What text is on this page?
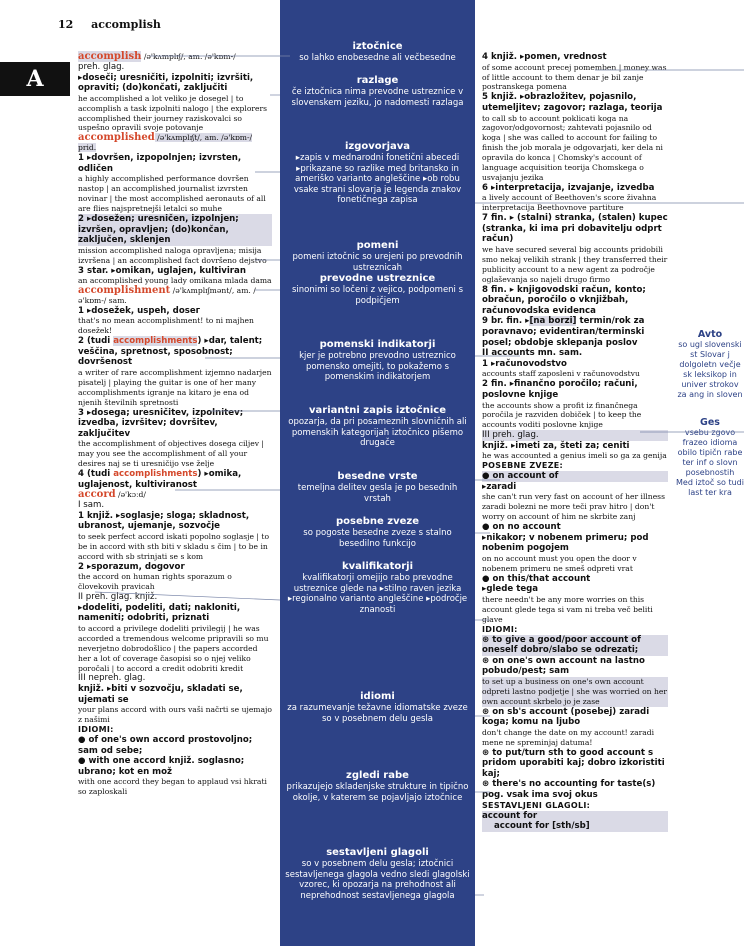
12 accomplish
A
accomplish /ə'kʌmplɪʃ/, am. /ə'kɒm-/
preh. glag.
▸doseči; uresničiti, izpolniti; izvršiti, opraviti; (do)končati, zaključiti
he accomplished a lot veliko je dosegel | to accomplish a task izpolniti nalogo | the explorers accomplished their journey raziskovalci so uspešno opravili svoje potovanje
accomplished /ə'kʌmplɪʃt/, am. /ə'kɒm-/ prid.
1 ▸dovršen, izpopolnjen; izvrsten, odličen
a highly accomplished performance dovršen nastop | an accomplished journalist izvrsten novinar | the most accomplished aeronauts of all are flies najspretnejši letalci so muhe
2 ▸dosežen; uresničen, izpolnjen; izvršen, opravljen; (do)končan, zaključen, sklenjen
mission accomplished naloga opravljena; misija izvršena | an accomplished fact dovršeno dejstvo
3 star. ▸omikan, uglajen, kultiviran
an accomplished young lady omikana mlada dama
accomplishment /ə'kʌmplɪʃmənt/, am. /ə'kɒm-/ sam.
1 ▸dosežek, uspeh, dosег
that's no mean accomplishment! to ni majhen dosežek!
2 (tudi accomplishments) ▸dar, talent; veščina, spretnost, sposobnost; dovršenost
a writer of rare accomplishment izjemno nadarjen pisatelj | playing the guitar is one of her many accomplishments igranje na kitaro je ena od njenih številnih spretnosti
3 ▸dosega; uresničitev, izpolnitev; izvedba, izvršitev; dovršitev, zaključitev
the accomplishment of objectives dosega ciljev | may you see the accomplishment of all your desires naj se ti uresničijo vse želje
4 (tudi accomplishments) ▸omika, uglajenost, kultiviranost
accord /ə'kɔːd/
I sam.
1 knjiž. ▸soglasje; sloga; skladnost, ubranost, ujemanje, sozvočje
to seek perfect accord iskati popolno soglasje | to be in accord with sth biti v skladu s čim | to be in accord with sb strinjati se s kom
2 ▸sporazum, dogovor
the accord on human rights sporazum o človekovih pravicah
II preh. glag. knjiž.
▸dodeliti, podeliti, dati; nakloniti, nameniti; odobriti, priznati
to accord a privilege dodeliti privilegij | he was accorded a tremendous welcome pripravili so mu neverjetno dobrodošlico | the papers accorded her a lot of coverage časopisi so o njej veliko poročali | to accord a credit odobriti kredit
III nepreh. glag.
knjiž. ▸biti v sozvočju, skladati se, ujemati se
your plans accord with ours vaši načrti se ujemajo z našimi
IDIOMI:
● of one's own accord prostovoljno; sam od sebe;
● with one accord knjiž. soglasno; ubrano; kot en mož
with one accord they began to applaud vsi hkrati so zaploskali
4 knjiž. ▸pomen, vrednost
of some account precej pomemben | money was of little account to them denar je bil zanje postranskega pomena
5 knjiž. ▸obrazložitev, pojasnilo, utemeljitev; zagovor; razlaga, teorija
to call sb to account poklicati koga na zagovor/odgovornost; zahtevati pojasnilo od koga | she was called to account for failing to finish the job morala je odgovarjati, ker dela ni opravila do konca | Chomsky's account of language acquisition teorija Chomskega o usvajanju jezika
6 ▸interpretacija, izvajanje, izvedba
a lively account of Beethoven's score živahna interpretacija Beethovnove partiture
7 fin. ▸ (stalni) stranka, (stalen) kupec (stranka, ki ima pri dobavitelju odprt račun)
we have secured several big accounts pridobili smo nekaj velikih strank | they transferred their publicity account to a new agent za področje oglaševanja so najeli drugo firmo
8 fin. ▸ knjigovodski račun, konto; obračun, poročilo o vknjižbah, računovodska evidenca
9 br. fin. ▸[na borzi] termin/rok za poravnavo; evidentiran/terminski posel; obdobje sklepanja poslov
II accounts mn. sam.
1 ▸računovodstvo
accounts staff zaposleni v računovodstvu
2 fin. ▸finančno poročilo; računi, poslovne knjige
the accounts show a profit iz finančnega poročila je razviden dobiček | to keep the accounts voditi poslovne knjige
III preh. glag.
knjiž. ▸imeti za, šteti za; ceniti
he was accounted a genius imeli so ga za genija
POSEBNE ZVEZE:
● on account of
▸zaradi
she can't run very fast on account of her illness zaradi bolezni ne more teči prav hitro | don't worry on account of him ne skrbite zanj
● on no account
▸nikakor; v nobenem primeru; pod nobenim pogojem
on no account must you open the door v nobenem primeru ne smeš odpreti vrat
● on this/that account
▸glede tega
there needn't be any more worries on this account glede tega si vam ni treba več beliti glave
IDIOMI:
⊛ to give a good/poor account of oneself dobro/slabo se odrezati;
⊛ on one's own account na lastno pobudo/pest; sam
to set up a business on one's own account odpreti lastno podjetje | she was worried on her own account skrbelo jo je zase
⊛ on sb's account (posebej) zaradi koga; komu na ljubo
don't change the date on my account! zaradi mene ne spreminjaj datuma!
⊛ to put/turn sth to good account s pridom uporabiti kaj; dobro izkoristiti kaj;
⊛ there's no accounting for taste(s) pog. vsak ima svoj okus
SESTAVLJENI GLAGOLI:
account for
account for [sth/sb]
iztočnice
so lahko enobesedne ali večbesedne
razlage
če iztočnica nima prevodne ustreznice v slovenskem jeziku, jo nadomesti razlaga
izgovorjava
▸zapis v mednarodni fonetični abecedi ▸prikazane so razlike med britansko in ameriško varianto angleščine ▸ob robu vsake strani slovarja je legenda znakov fonetičnega zapisa
pomeni
pomeni iztočnic so urejeni po prevodnih ustreznicah
prevodne ustreznice
sinonimi so ločeni z vejico, podpomeni s podpičjem
pomenski indikatorji
kjer je potrebno prevodno ustreznico pomensko omejiti, to pokažemo s pomenskim indikatorjem
variantni zapis iztočnice
opozarja, da pri posameznih slovničnih ali pomenskih kategorijah iztočnico pišemo drugače
besedne vrste
temeljna delitev gesla je po besednih vrstah
posebne zveze
so pogoste besedne zveze s stalno besedilno funkcijo
kvalifikatorji
kvalifikatorji omejijo rabo prevodne ustreznice glede na ▸stilno raven jezika ▸regionalno varianto angleščine ▸področje znanosti
idiomi
za razumevanje težavne idiomatske zveze so v posebnem delu gesla
zgledi rabe
prikazujejo skladenjske strukture in tipično okolje, v katerem se pojavljajo iztočnice
sestavljeni glagoli
so v posebnem delu gesla; iztočnici sestavljenega glagola vedno sledi glagolski vzorec, ki opozarja na prehodnost ali neprehodnost sestavljenega glagola
Avto
so ugl slovenski st Slovar j dolgoletn večje sk leksikop in univer strokov za ang in sloven
Ges
vsebu zgovo frazeo idioma obilo tipičn rabe ter inf o slovn posebnostih Med iztoč so tudi last ter kra
